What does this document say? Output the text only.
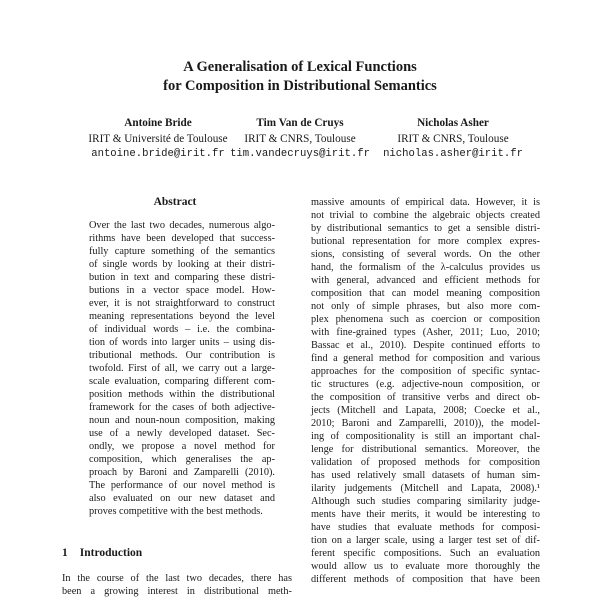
A Generalisation of Lexical Functions
for Composition in Distributional Semantics
Antoine Bride
IRIT & Université de Toulouse
antoine.bride@irit.fr
Tim Van de Cruys
IRIT & CNRS, Toulouse
tim.vandecruys@irit.fr
Nicholas Asher
IRIT & CNRS, Toulouse
nicholas.asher@irit.fr
Abstract
Over the last two decades, numerous algo-
rithms have been developed that success-
fully capture something of the semantics
of single words by looking at their distri-
bution in text and comparing these distri-
butions in a vector space model. How-
ever, it is not straightforward to construct
meaning representations beyond the level
of individual words – i.e. the combina-
tion of words into larger units – using dis-
tributional methods. Our contribution is
twofold. First of all, we carry out a large-
scale evaluation, comparing different com-
position methods within the distributional
framework for the cases of both adjective-
noun and noun-noun composition, making
use of a newly developed dataset. Sec-
ondly, we propose a novel method for
composition, which generalises the ap-
proach by Baroni and Zamparelli (2010).
The performance of our novel method is
also evaluated on our new dataset and
proves competitive with the best methods.
1 Introduction
In the course of the last two decades, there has
been a growing interest in distributional meth-
massive amounts of empirical data. However, it is
not trivial to combine the algebraic objects created
by distributional semantics to get a sensible distri-
butional representation for more complex expres-
sions, consisting of several words. On the other
hand, the formalism of the λ-calculus provides us
with general, advanced and efficient methods for
composition that can model meaning composition
not only of simple phrases, but also more com-
plex phenomena such as coercion or composition
with fine-grained types (Asher, 2011; Luo, 2010;
Bassac et al., 2010). Despite continued efforts to
find a general method for composition and various
approaches for the composition of specific syntac-
tic structures (e.g. adjective-noun composition, or
the composition of transitive verbs and direct ob-
jects (Mitchell and Lapata, 2008; Coecke et al.,
2010; Baroni and Zamparelli, 2010)), the model-
ing of compositionality is still an important chal-
lenge for distributional semantics. Moreover, the
validation of proposed methods for composition
has used relatively small datasets of human sim-
ilarity judgements (Mitchell and Lapata, 2008).¹
Although such studies comparing similarity judge-
ments have their merits, it would be interesting to
have studies that evaluate methods for composi-
tion on a larger scale, using a larger test set of dif-
ferent specific compositions. Such an evaluation
would allow us to evaluate more thoroughly the
different methods of composition that have been
